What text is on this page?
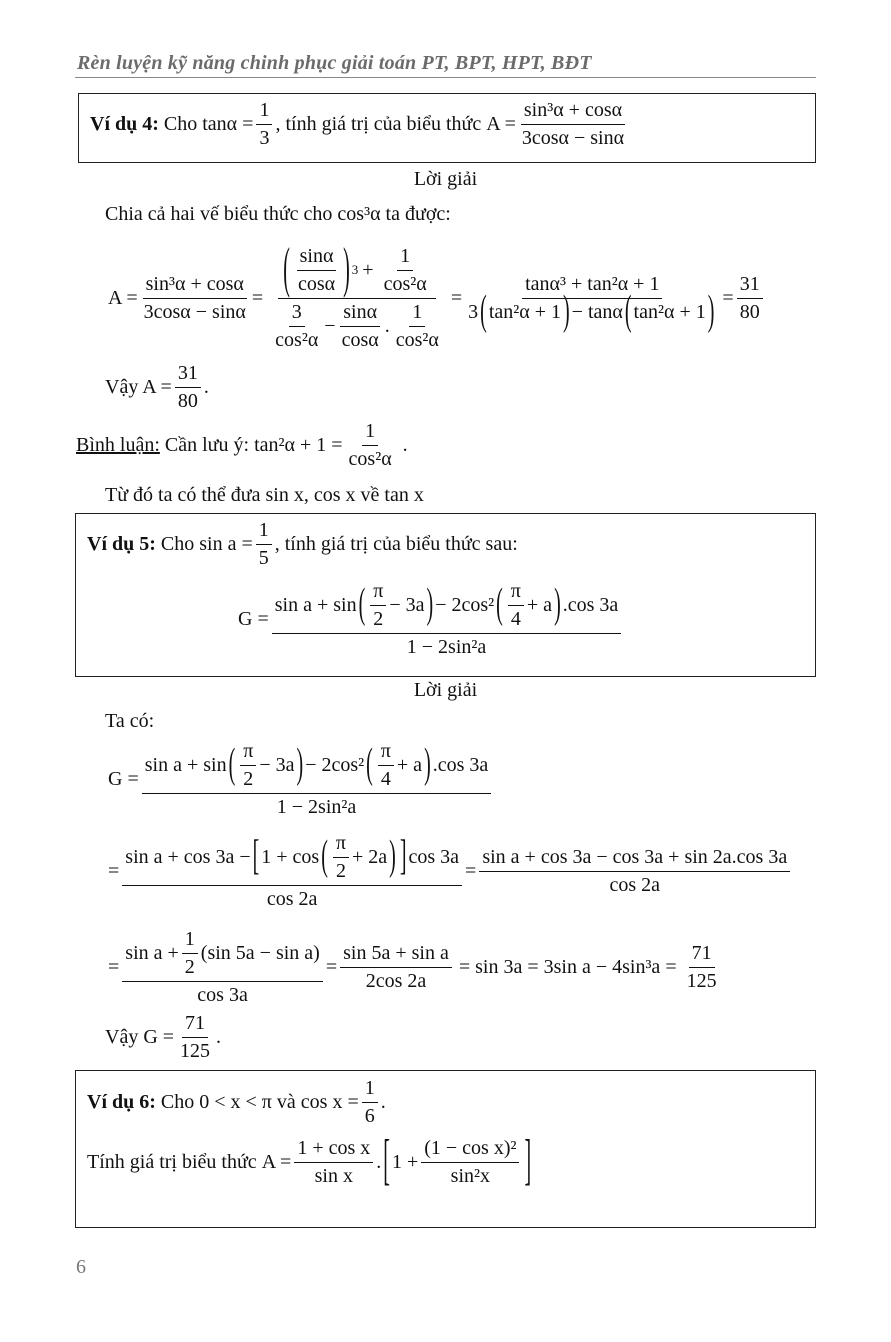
Rèn luyện kỹ năng chinh phục giải toán PT, BPT, HPT, BĐT
Ví dụ 4:
Cho
$\tan\alpha = \frac{1}{3}$ , tính giá trị của biểu thức
$A = \frac{\text{sin³α + cosα}}{3\cos\alpha - \sin\alpha}$
Lời giải
Chia cả hai vế biểu thức cho cos³α ta được:
$A = \frac{\text{sin³α + cosα}}{3\cos\alpha - \sin\alpha} = \frac{( \frac{\sin\alpha}{\cos\alpha} ) 3 + \frac{1}{\text{cos²α}}}{\frac{3}{\text{cos²α}} - \frac{\sin\alpha}{\cos\alpha} . \frac{1}{\text{cos²α}}} = \frac{\text{tanα³ + tan²α + 1}}{\text{3 ( tan²α + 1 ) − tanα ( tan²α + 1 )}} = \frac{31}{80}$
Vậy $A = \frac{31}{80}$ .
Bình luận:
Cần lưu ý:
$\tan^2\alpha + 1 = \frac{1}{\text{cos²α}}$
.
Từ đó ta có thể đưa sin x, cos x về tan x
Ví dụ 5:
Cho
$\sin a = \frac{1}{5}$ , tính giá trị của biểu thức sau:
$G = \frac{\sin a + \sin ( \frac{\pi}{2} - 3a ) - 2\cos^2 ( \frac{\pi}{4} + a ) .\cos 3a}{\text{1 − 2sin²a}}$
Lời giải
Ta có:
$G = \frac{\sin a + \sin ( \frac{\pi}{2} - 3a ) - 2\cos^2 ( \frac{\pi}{4} + a ) .\cos 3a}{\text{1 − 2sin²a}}$
= $\frac{\sin a + \cos 3a - [ 1 + \cos ( \frac{\pi}{2} + 2a ) ] \cos 3a}{\cos 2a} = \frac{\text{sin a + cos 3a − cos 3a + sin 2a.cos 3a}}{\cos 2a}$
= $\frac{\sin a + \frac{1}{2} (\sin 5a - \sin a)}{\cos 3a} = \frac{\text{sin 5a + sin a}}{2\cos 2a} = \sin 3a = 3\sin$ $a - 4\sin^3a = \frac{71}{125}$
Vậy $G = \frac{71}{125}$ .
Ví dụ 6:
Cho
0 < x < π và $\cos x = \frac{1}{6}$ .
Tính giá trị biểu thức
$A = \frac{\text{1 + cos x}}{\text{sin x}}$ . [ $1 + \frac{\text{(1 − cos x)²}}{\text{sin²x}}$ ]
6
